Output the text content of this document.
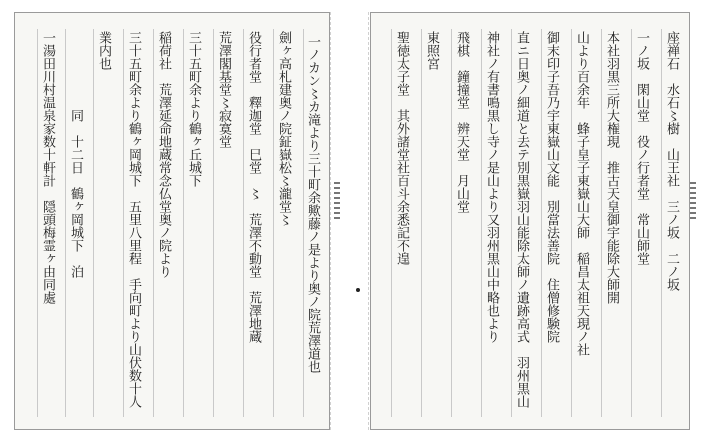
一ノカン〻カ滝より三十町余歟藤ノ是より奥ノ院荒澤道也
劍ヶ高札建奥ノ院鉦嶽松〻瀧堂〻
役行者堂　釋迦堂　巳堂　〻　荒澤不動堂　荒澤地蔵
荒澤閣基堂〻寂寞堂
三十五町余より鶴ヶ丘城下
稲荷社　荒澤延命地蔵常念仏堂奥ノ院より
三十五町余より鶴ヶ岡城下　五里八里程　手向町より山伏数十人
業内也
同　十二日　鶴ヶ岡城下　泊
一湯田川村温泉家数十軒計　隠頭梅霊ヶ由同處	座禅石　水石〻樹　山王社　三ノ坂　二ノ坂
一ノ坂　閑山堂　役ノ行者堂　常山師堂
本社羽黒三所大権現　推古天皇御宇能除大師開
山より百余年　蜂子皇子東嶽山大師　稲昌太祖天現ノ社
御末印子吾乃宇東嶽山文能　別當法善院　住僧修験院
直ニ日奥ノ細道と去テ別黒嶽羽山能除太師ノ遺跡高式　羽州黒山
神社ノ有書鳴黒し寺ノ是山より又羽州黒山中略也より
飛棋　鐘撞堂　辨天堂　月山堂
東照宮
聖徳太子堂　其外諸堂社百斗余悉記不遑
